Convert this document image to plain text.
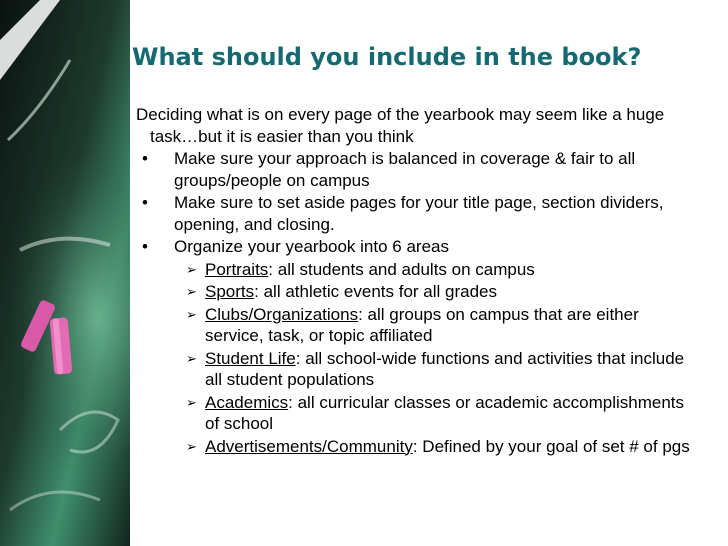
What should you include in the book?
Deciding what is on every page of the yearbook may seem like a huge task…but it is easier than you think
• Make sure your approach is balanced in coverage & fair to all groups/people on campus
• Make sure to set aside pages for your title page, section dividers, opening, and closing.
• Organize your yearbook into 6 areas
➢ Portraits: all students and adults on campus
➢ Sports: all athletic events for all grades
➢ Clubs/Organizations: all groups on campus that are either service, task, or topic affiliated
➢ Student Life: all school-wide functions and activities that include all student populations
➢ Academics: all curricular classes or academic accomplishments of school
➢ Advertisements/Community: Defined by your goal of set # of pgs
